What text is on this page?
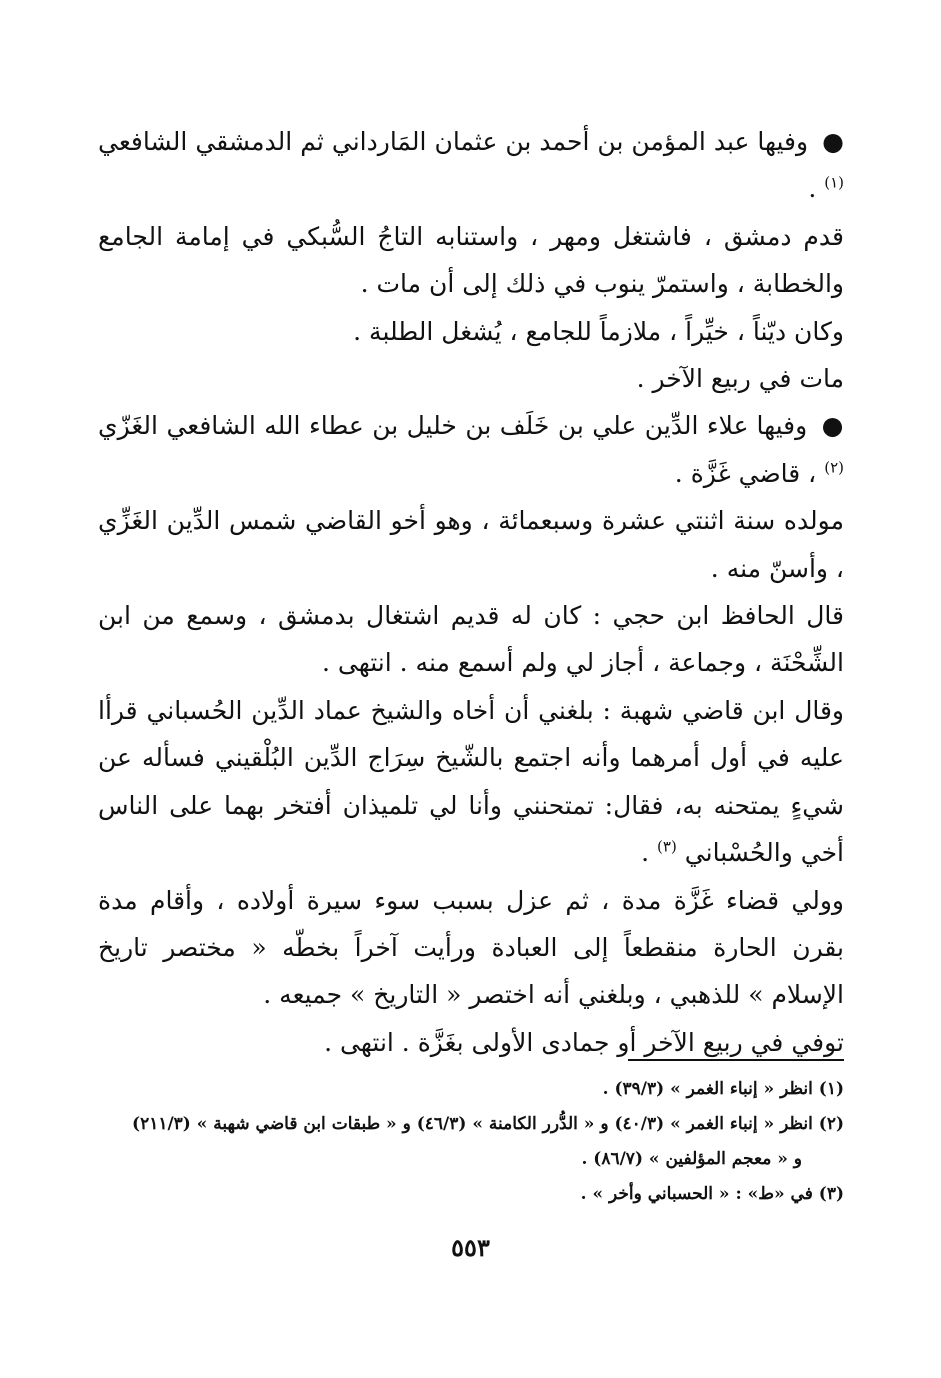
● وفيها عبد المؤمن بن أحمد بن عثمان المَارداني ثم الدمشقي الشافعي $^{(١)}$ .

قدم دمشق ، فاشتغل ومهر ، واستنابه التاجُ السُّبكي في إمامة الجامع والخطابة ، واستمرّ ينوب في ذلك إلى أن مات .

وكان ديّناً ، خيِّراً ، ملازماً للجامع ، يُشغل الطلبة .

مات في ربيع الآخر .

● وفيها علاء الدِّين علي بن خَلَف بن خليل بن عطاء الله الشافعي الغَزّي $^{(٢)}$ ، قاضي غَزَّة .

مولده سنة اثنتي عشرة وسبعمائة ، وهو أخو القاضي شمس الدِّين الغَزِّي ، وأسنّ منه .

قال الحافظ ابن حجي : كان له قديم اشتغال بدمشق ، وسمع من ابن الشِّحْنَة ، وجماعة ، أجاز لي ولم أسمع منه . انتهى .

وقال ابن قاضي شهبة : بلغني أن أخاه والشيخ عماد الدِّين الحُسباني قرأا عليه في أول أمرهما وأنه اجتمع بالشّيخ سِرَاج الدِّين البُلْقيني فسأله عن شيءٍ يمتحنه به، فقال: تمتحنني وأنا لي تلميذان أفتخر بهما على الناس أخي والحُسْباني $^{(٣)}$ .

وولي قضاء غَزَّة مدة ، ثم عزل بسبب سوء سيرة أولاده ، وأقام مدة بقرن الحارة منقطعاً إلى العبادة ورأيت آخراً بخطّه « مختصر تاريخ الإسلام » للذهبي ، وبلغني أنه اختصر « التاريخ » جميعه .

توفي في ربيع الآخر أو جمادى الأولى بغَزَّة . انتهى .

(١) انظر « إنباء الغمر » (٣٩/٣) .

(٢) انظر « إنباء الغمر » (٤٠/٣) و « الدُّرر الكامنة » (٤٦/٣) و « طبقات ابن قاضي شهبة » (٢١١/٣)

و « معجم المؤلفين » (٨٦/٧) .

(٣) في «ط» : « الحسباني وأخر » .

٥٥٣
